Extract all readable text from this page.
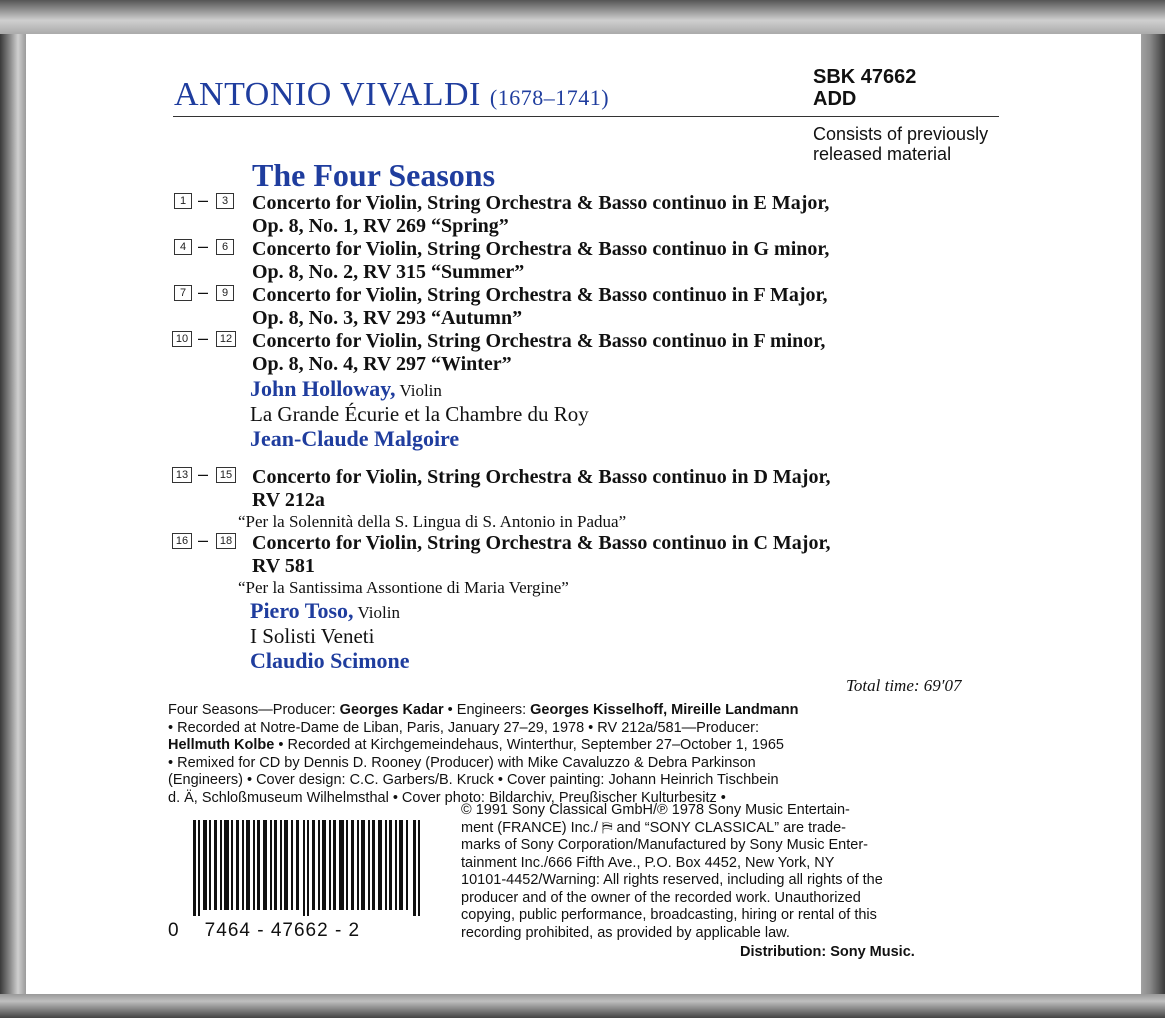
ANTONIO VIVALDI (1678–1741)
SBK 47662
ADD
Consists of previously
released material
The Four Seasons
1 –	3 Concerto for Violin, String Orchestra & Basso continuo in E Major,
Op. 8, No. 1, RV 269 “Spring”
4 –	6 Concerto for Violin, String Orchestra & Basso continuo in G minor,
Op. 8, No. 2, RV 315 “Summer”
7 –	9 Concerto for Violin, String Orchestra & Basso continuo in F Major,
Op. 8, No. 3, RV 293 “Autumn”
10 –	12 Concerto for Violin, String Orchestra & Basso continuo in F minor,
Op. 8, No. 4, RV 297 “Winter”
John Holloway, Violin
La Grande Écurie et la Chambre du Roy
Jean-Claude Malgoire
13 –	15 Concerto for Violin, String Orchestra & Basso continuo in D Major,
RV 212a
“Per la Solennità della S. Lingua di S. Antonio in Padua”
16 –	18 Concerto for Violin, String Orchestra & Basso continuo in C Major,
RV 581
“Per la Santissima Assontione di Maria Vergine”
Piero Toso, Violin
I Solisti Veneti
Claudio Scimone
Total time: 69′07
Four Seasons—Producer: Georges Kadar • Engineers: Georges Kisselhoff, Mireille Landmann
• Recorded at Notre-Dame de Liban, Paris, January 27–29, 1978 • RV 212a/581—Producer:
Hellmuth Kolbe • Recorded at Kirchgemeindehaus, Winterthur, September 27–October 1, 1965
• Remixed for CD by Dennis D. Rooney (Producer) with Mike Cavaluzzo & Debra Parkinson
(Engineers) • Cover design: C.C. Garbers/B. Kruck • Cover painting: Johann Heinrich Tischbein
d. Ä, Schloßmuseum Wilhelmsthal • Cover photo: Bildarchiv, Preußischer Kulturbesitz •
© 1991 Sony Classical GmbH/℗ 1978 Sony Music Entertain-
ment (FRANCE) Inc./ ⛿ and “SONY CLASSICAL” are trade-
marks of Sony Corporation/Manufactured by Sony Music Enter-
tainment Inc./666 Fifth Ave., P.O. Box 4452, New York, NY
10101-4452/Warning: All rights reserved, including all rights of the
producer and of the owner of the recorded work. Unauthorized
copying, public performance, broadcasting, hiring or rental of this
recording prohibited, as provided by applicable law.
Distribution: Sony Music.
0    7464 - 47662 - 2
